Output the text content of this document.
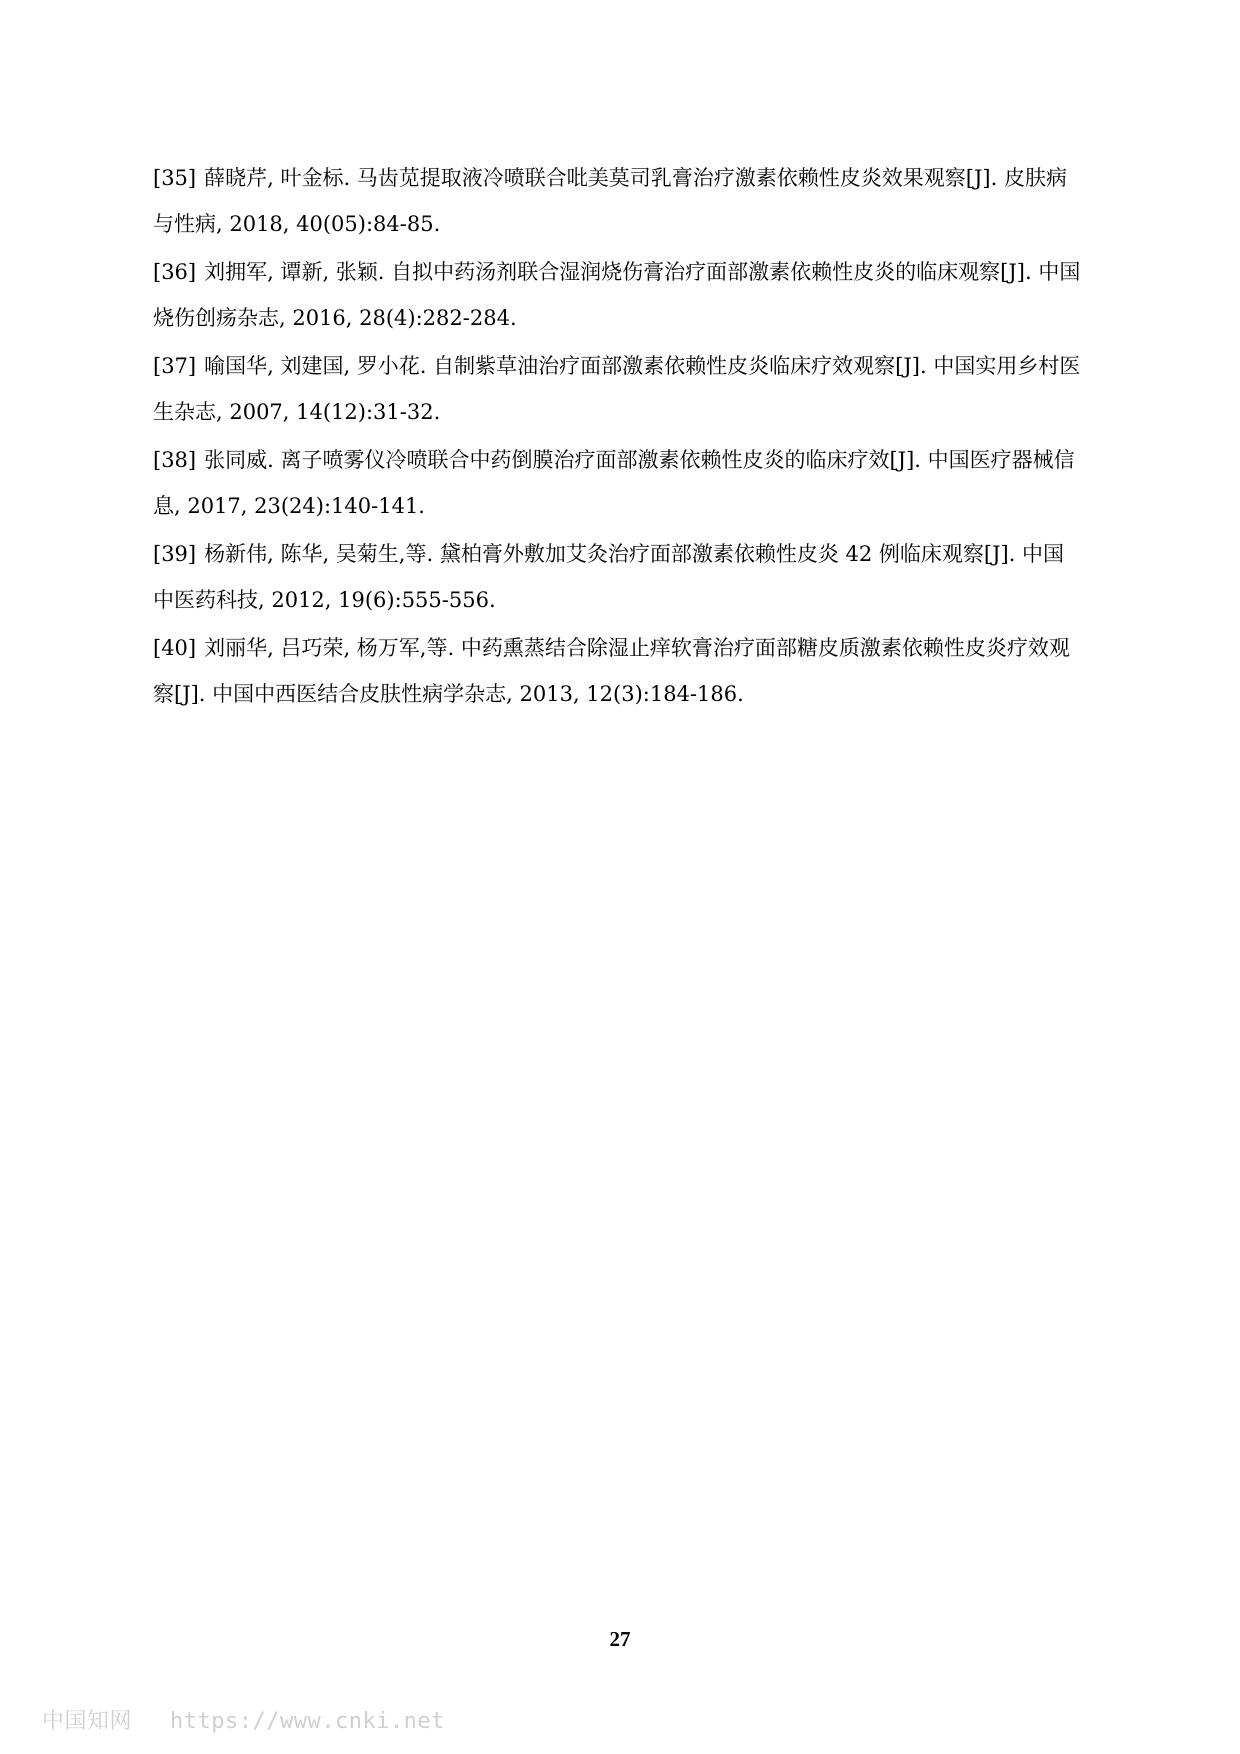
[35] 薛晓芹, 叶金标. 马齿苋提取液冷喷联合吡美莫司乳膏治疗激素依赖性皮炎效果观察[J]. 皮肤病与性病, 2018, 40(05):84-85.
[36] 刘拥军, 谭新, 张颖. 自拟中药汤剂联合湿润烧伤膏治疗面部激素依赖性皮炎的临床观察[J]. 中国烧伤创疡杂志, 2016, 28(4):282-284.
[37] 喻国华, 刘建国, 罗小花. 自制紫草油治疗面部激素依赖性皮炎临床疗效观察[J]. 中国实用乡村医生杂志, 2007, 14(12):31-32.
[38] 张同威. 离子喷雾仪冷喷联合中药倒膜治疗面部激素依赖性皮炎的临床疗效[J]. 中国医疗器械信息, 2017, 23(24):140-141.
[39] 杨新伟, 陈华, 吴菊生,等. 黛柏膏外敷加艾灸治疗面部激素依赖性皮炎 42 例临床观察[J]. 中国中医药科技, 2012, 19(6):555-556.
[40] 刘丽华, 吕巧荣, 杨万军,等. 中药熏蒸结合除湿止痒软膏治疗面部糖皮质激素依赖性皮炎疗效观察[J]. 中国中西医结合皮肤性病学杂志, 2013, 12(3):184-186.
27
中国知网 https://www.cnki.net
